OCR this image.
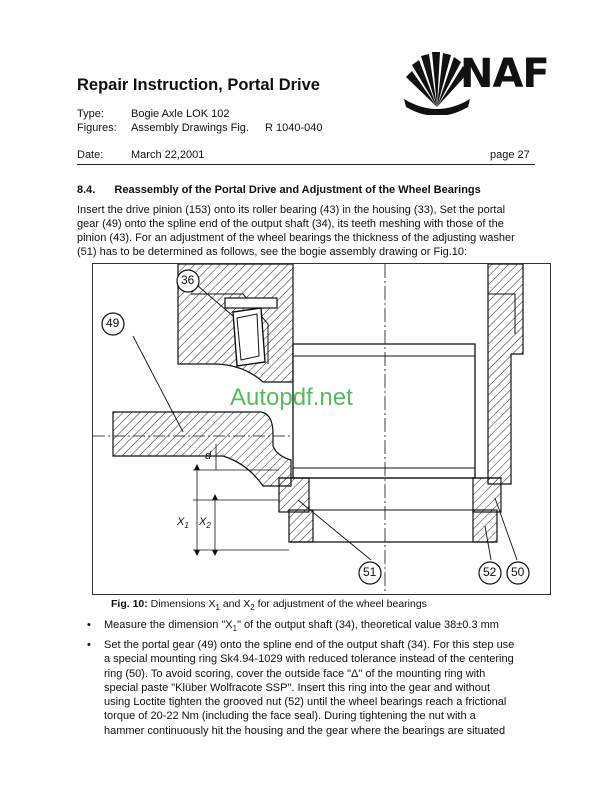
Repair Instruction, Portal Drive	NAF
Type: Bogie Axle LOK 102
Figures: Assembly Drawings Fig. R 1040-040
Date:	March 22,2001	page 27
8.4. Reassembly of the Portal Drive and Adjustment of the Wheel Bearings
Insert the drive pinion (153) onto its roller bearing (43) in the housing (33), Set the portal
gear (49) onto the spline end of the output shaft (34), its teeth meshing with those of the
pinion (43). For an adjustment of the wheel bearings the thickness of the adjusting washer
(51) has to be determined as follows, see the bogie assembly drawing or Fig.10:
36
49
51	52 50
d
$X_1$ $X_2$
Autopdf.net
Fig. 10: Dimensions $X_1$ and $X_2$ for adjustment of the wheel bearings
• Measure the dimension "$X_1$" of the output shaft (34), theoretical value 38±0.3 mm
• Set the portal gear (49) onto the spline end of the output shaft (34). For this step use
a special mounting ring Sk4.94-1029 with reduced tolerance instead of the centering
ring (50). To avoid scoring, cover the outside face "Δ" of the mounting ring with
special paste "Klüber Wolfracote SSP". Insert this ring into the gear and without
using Loctite tighten the grooved nut (52) until the wheel bearings reach a frictional
torque of 20-22 Nm (including the face seal). During tightening the nut with a
hammer continuously hit the housing and the gear where the bearings are situated
